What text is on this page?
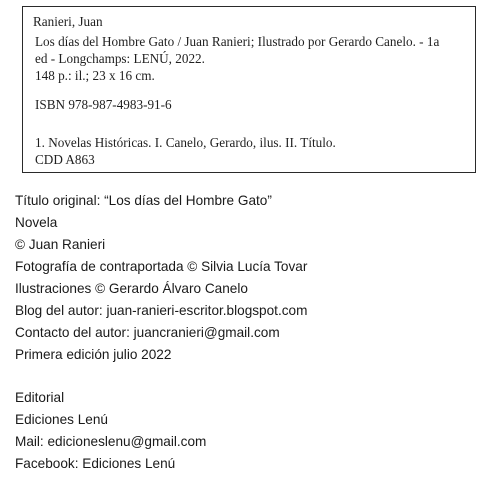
Ranieri, Juan
Los días del Hombre Gato / Juan Ranieri; Ilustrado por Gerardo Canelo. - 1a
ed - Longchamps: LENÚ, 2022.
148 p.: il.; 23 x 16 cm.
ISBN 978-987-4983-91-6
1. Novelas Históricas. I. Canelo, Gerardo, ilus. II. Título.
CDD A863
Título original: “Los días del Hombre Gato”
Novela
© Juan Ranieri
Fotografía de contraportada © Silvia Lucía Tovar
Ilustraciones © Gerardo Álvaro Canelo
Blog del autor: juan-ranieri-escritor.blogspot.com
Contacto del autor: juancranieri@gmail.com
Primera edición julio 2022
Editorial
Ediciones Lenú
Mail: edicioneslenu@gmail.com
Facebook: Ediciones Lenú
